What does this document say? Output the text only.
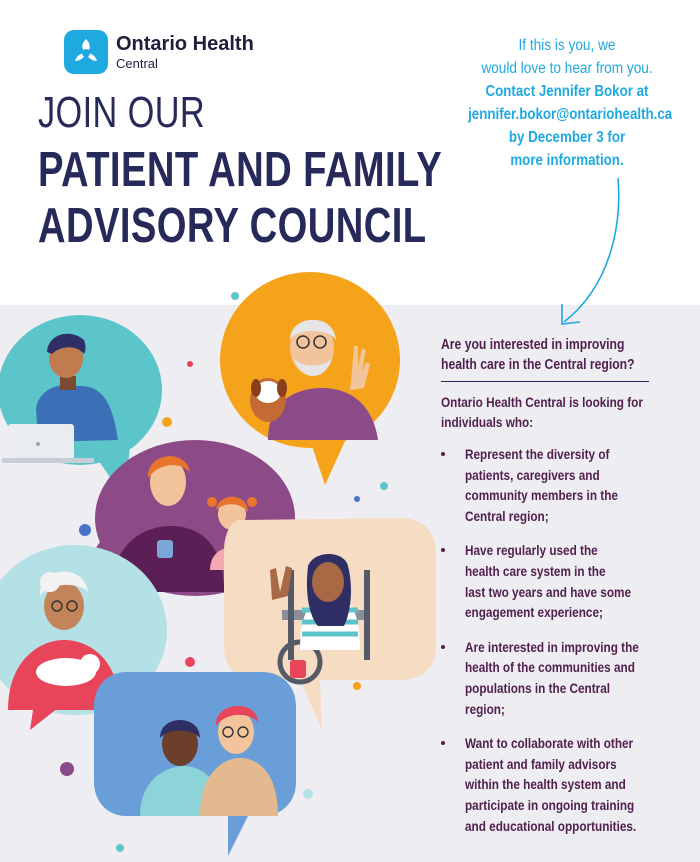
Ontario Health
Central
JOIN OUR
PATIENT AND FAMILY
ADVISORY COUNCIL
If this is you, we
would love to hear from you.
Contact Jennifer Bokor at
jennifer.bokor@ontariohealth.ca
by December 3 for
more information.
Are you interested in improving
health care in the Central region?
Ontario Health Central is looking for
individuals who:
Represent the diversity of
patients, caregivers and
community members in the
Central region;
Have regularly used the
health care system in the
last two years and have some
engagement experience;
Are interested in improving the
health of the communities and
populations in the Central
region;
Want to collaborate with other
patient and family advisors
within the health system and
participate in ongoing training
and educational opportunities.
